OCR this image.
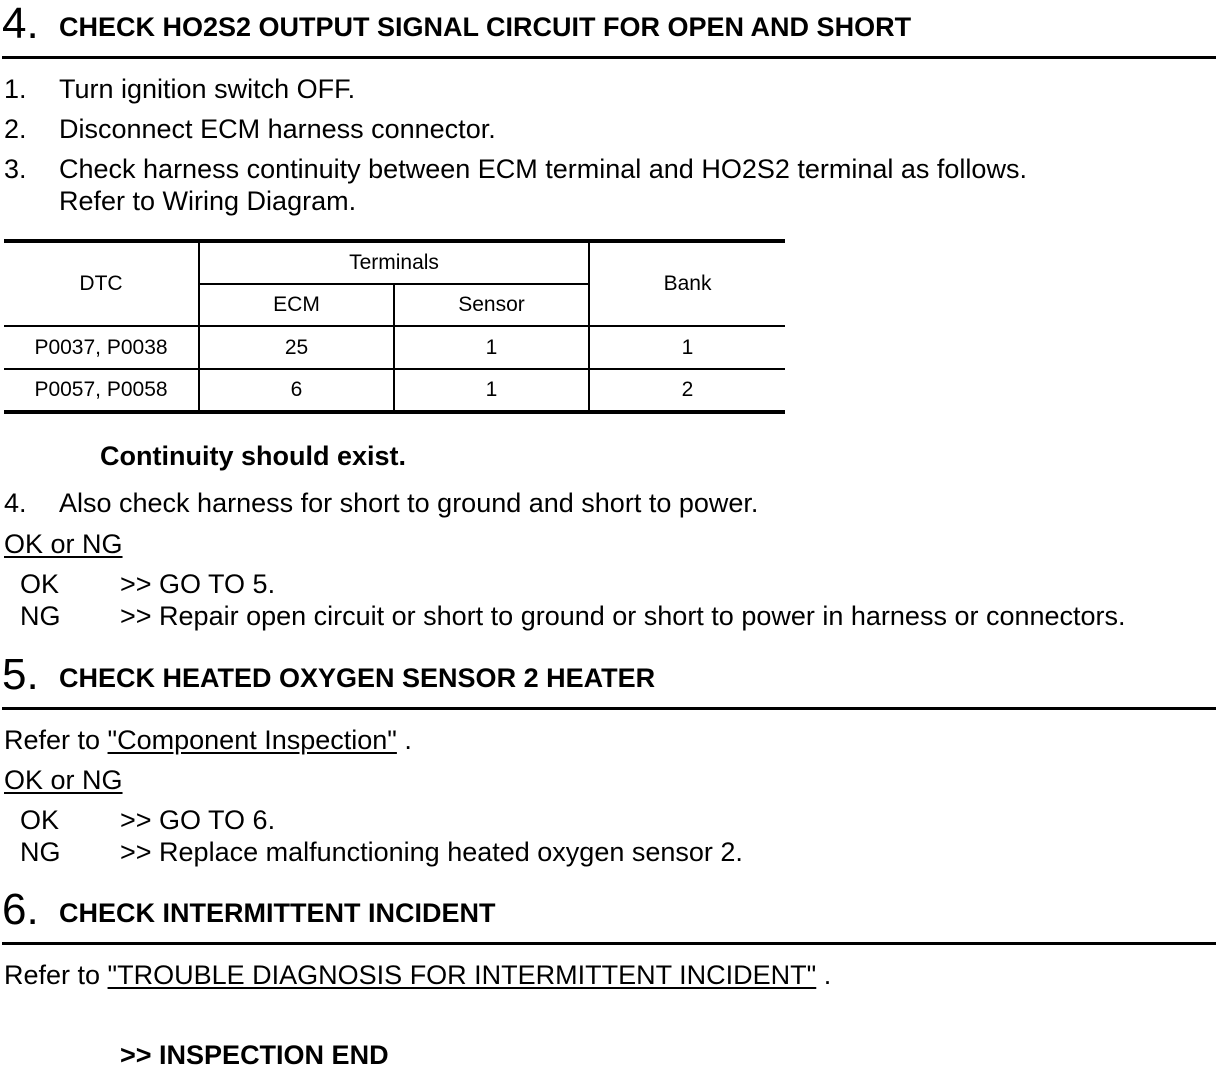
4. CHECK HO2S2 OUTPUT SIGNAL CIRCUIT FOR OPEN AND SHORT
1. Turn ignition switch OFF.
2. Disconnect ECM harness connector.
3. Check harness continuity between ECM terminal and HO2S2 terminal as follows.
Refer to Wiring Diagram.
DTC	Terminals		Bank
	ECM	Sensor	
P0037, P0038	25	1	1
P0057, P0058	6	1	2
Continuity should exist.
4. Also check harness for short to ground and short to power.
OK or NG
OK >> GO TO 5.
NG >> Repair open circuit or short to ground or short to power in harness or connectors.
5. CHECK HEATED OXYGEN SENSOR 2 HEATER
Refer to "Component Inspection" .
OK or NG
OK >> GO TO 6.
NG >> Replace malfunctioning heated oxygen sensor 2.
6. CHECK INTERMITTENT INCIDENT
Refer to "TROUBLE DIAGNOSIS FOR INTERMITTENT INCIDENT" .
>> INSPECTION END
